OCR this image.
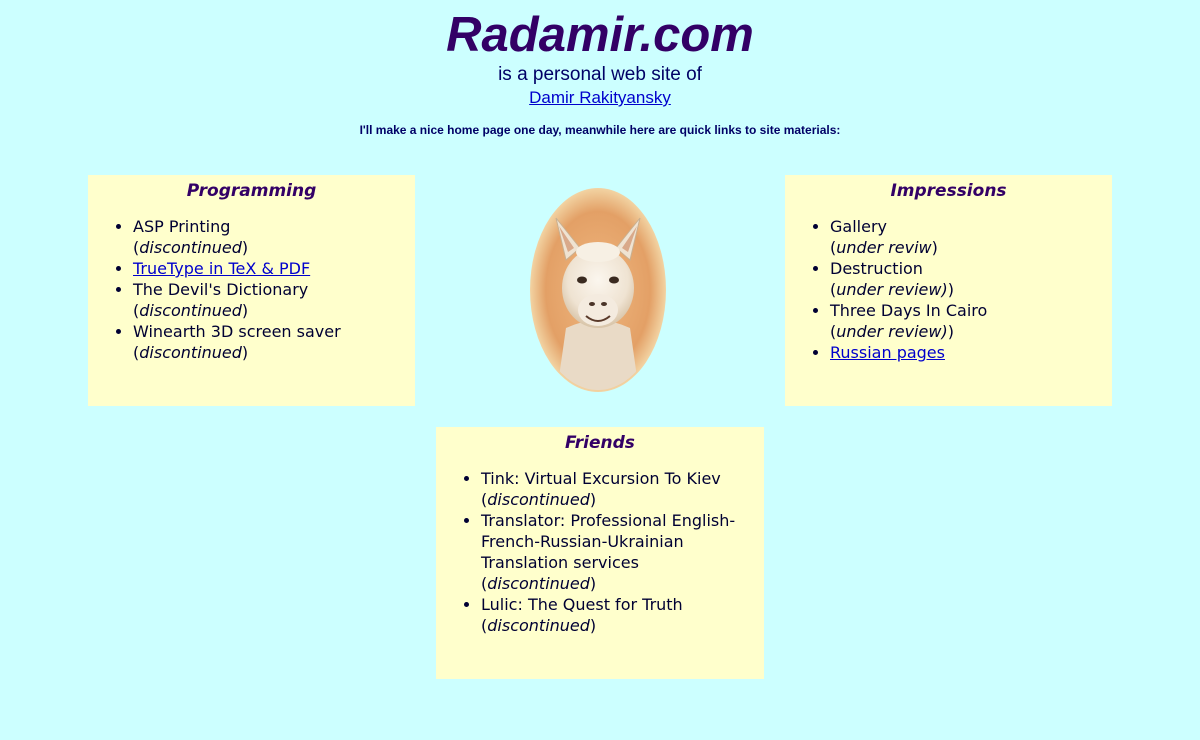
Radamir.com
is a personal web site of
Damir Rakityansky
I'll make a nice home page one day, meanwhile here are quick links to site materials:
Programming
• ASP Printing
(discontinued)
• TrueType in TeX & PDF
• The Devil's Dictionary
(discontinued)
• Winearth 3D screen saver
(discontinued)
Impressions
• Gallery
(under reviw)
• Destruction
(under review))
• Three Days In Cairo
(under review))
• Russian pages
Friends
• Tink: Virtual Excursion To Kiev
(discontinued)
• Translator: Professional English-French-Russian-Ukrainian Translation services
(discontinued)
• Lulic: The Quest for Truth
(discontinued)
